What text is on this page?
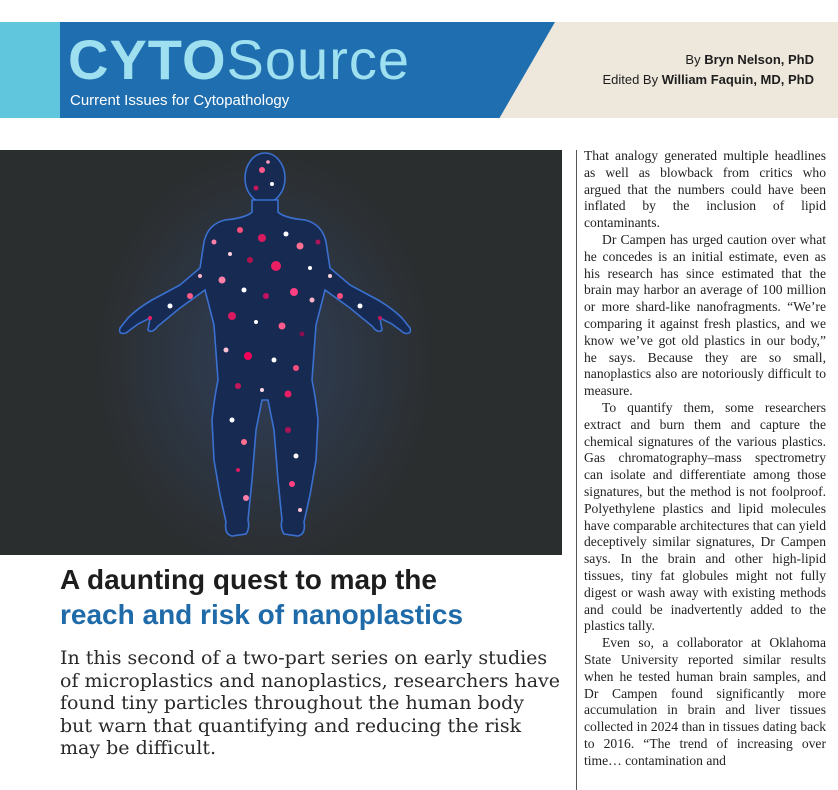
CYTOSource
Current Issues for Cytopathology
By Bryn Nelson, PhD
Edited By William Faquin, MD, PhD
A daunting quest to map the
reach and risk of nanoplastics
In this second of a two-part series on early studies of microplastics and nanoplastics, researchers have found tiny particles throughout the human body but warn that quantifying and reducing the risk may be difficult.

That analogy generated multiple headlines as well as blowback from critics who argued that the numbers could have been inflated by the inclusion of lipid contaminants.

Dr Campen has urged caution over what he concedes is an initial estimate, even as his research has since estimated that the brain may harbor an average of 100 million or more shard-like nanofragments. “We’re comparing it against fresh plastics, and we know we’ve got old plastics in our body,” he says. Because they are so small, nanoplastics also are notoriously difficult to measure.

To quantify them, some researchers extract and burn them and capture the chemical signatures of the various plastics. Gas chromatography–mass spectrometry can isolate and differentiate among those signatures, but the method is not foolproof. Polyethylene plastics and lipid molecules have comparable architectures that can yield deceptively similar signatures, Dr Campen says. In the brain and other high-lipid tissues, tiny fat globules might not fully digest or wash away with existing methods and could be inadvertently added to the plastics tally.

Even so, a collaborator at Oklahoma State University reported similar results when he tested human brain samples, and Dr Campen found significantly more accumulation in brain and liver tissues collected in 2024 than in tissues dating back to 2016. “The trend of increasing over time… contamination and
